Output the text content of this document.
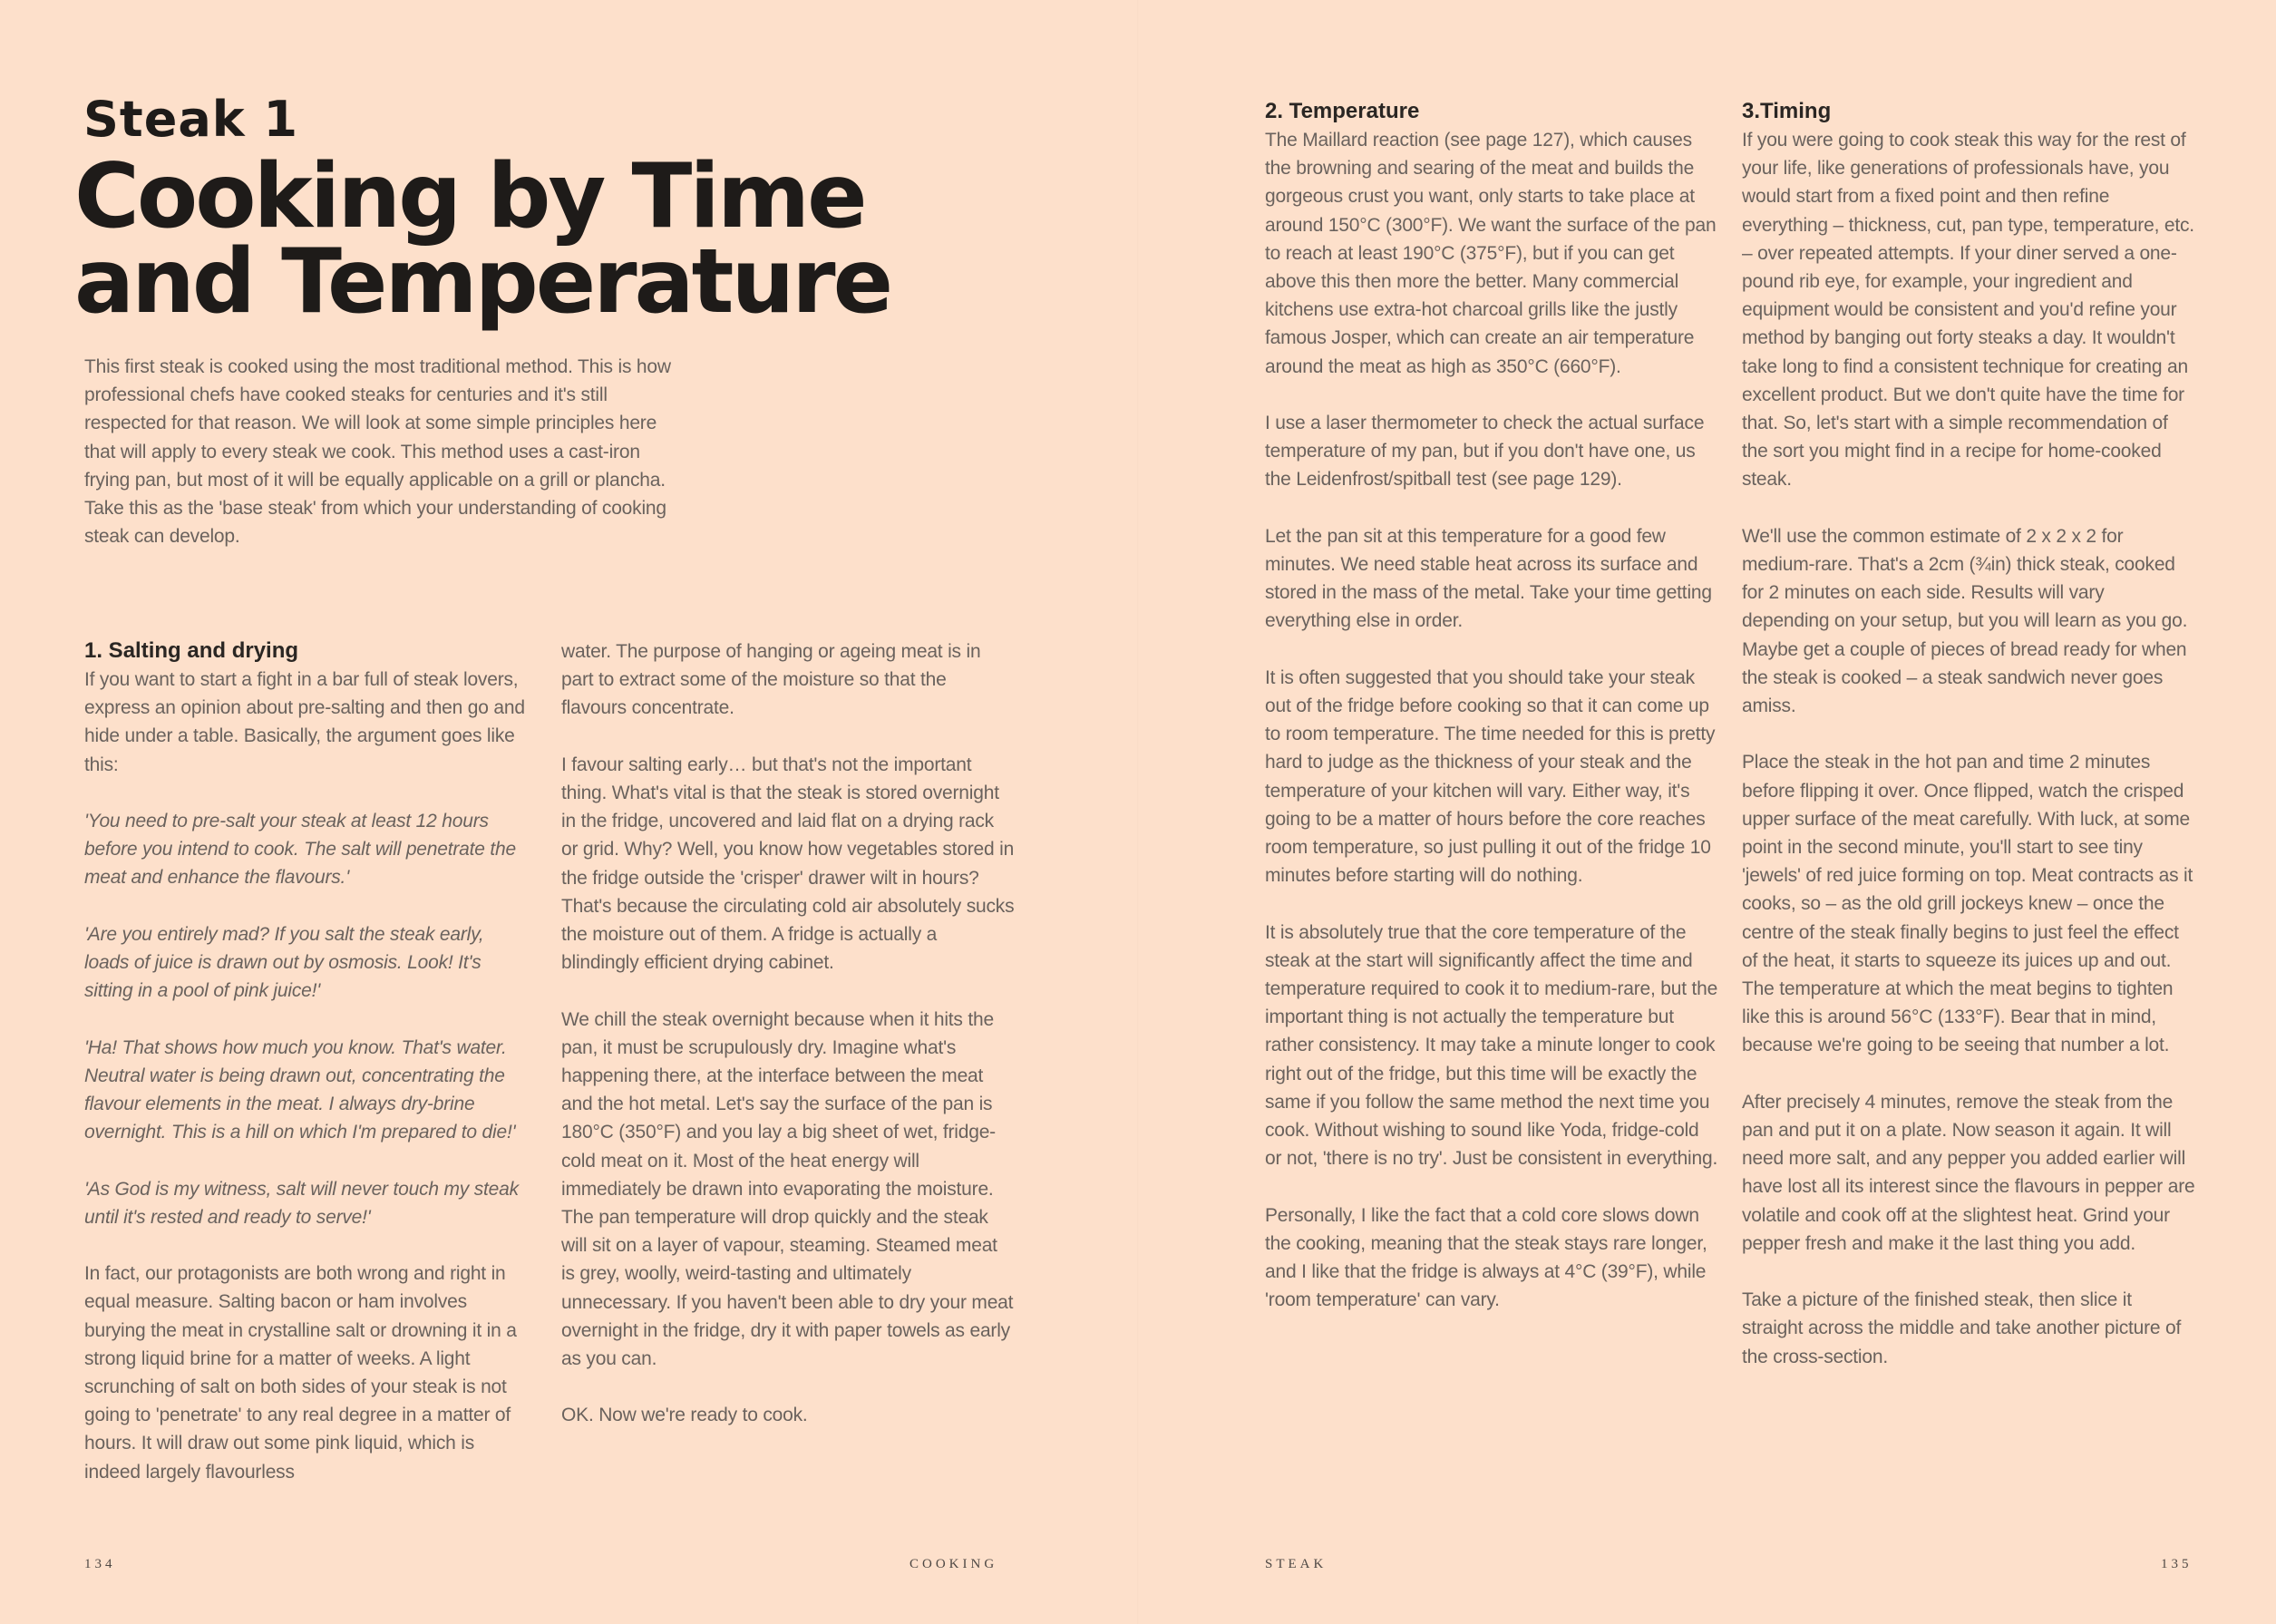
Steak 1
Cooking by Time
and Temperature

This first steak is cooked using the most traditional method. This is how professional chefs have cooked steaks for centuries and it's still respected for that reason. We will look at some simple principles here that will apply to every steak we cook. This method uses a cast-iron frying pan, but most of it will be equally applicable on a grill or plancha. Take this as the 'base steak' from which your understanding of cooking steak can develop.

1. Salting and drying

If you want to start a fight in a bar full of steak lovers, express an opinion about pre-salting and then go and hide under a table. Basically, the argument goes like this:

'You need to pre-salt your steak at least 12 hours before you intend to cook. The salt will penetrate the meat and enhance the flavours.'

'Are you entirely mad? If you salt the steak early, loads of juice is drawn out by osmosis. Look! It's sitting in a pool of pink juice!'

'Ha! That shows how much you know. That's water. Neutral water is being drawn out, concentrating the flavour elements in the meat. I always dry-brine overnight. This is a hill on which I'm prepared to die!'

'As God is my witness, salt will never touch my steak until it's rested and ready to serve!'

In fact, our protagonists are both wrong and right in equal measure. Salting bacon or ham involves burying the meat in crystalline salt or drowning it in a strong liquid brine for a matter of weeks. A light scrunching of salt on both sides of your steak is not going to 'penetrate' to any real degree in a matter of hours. It will draw out some pink liquid, which is indeed largely flavourless

water. The purpose of hanging or ageing meat is in part to extract some of the moisture so that the flavours concentrate.

I favour salting early… but that's not the important thing. What's vital is that the steak is stored overnight in the fridge, uncovered and laid flat on a drying rack or grid. Why? Well, you know how vegetables stored in the fridge outside the 'crisper' drawer wilt in hours? That's because the circulating cold air absolutely sucks the moisture out of them. A fridge is actually a blindingly efficient drying cabinet.

We chill the steak overnight because when it hits the pan, it must be scrupulously dry. Imagine what's happening there, at the interface between the meat and the hot metal. Let's say the surface of the pan is 180°C (350°F) and you lay a big sheet of wet, fridge-cold meat on it. Most of the heat energy will immediately be drawn into evaporating the moisture. The pan temperature will drop quickly and the steak will sit on a layer of vapour, steaming. Steamed meat is grey, woolly, weird-tasting and ultimately unnecessary. If you haven't been able to dry your meat overnight in the fridge, dry it with paper towels as early as you can.

OK. Now we're ready to cook.

2. Temperature

The Maillard reaction (see page 127), which causes the browning and searing of the meat and builds the gorgeous crust you want, only starts to take place at around 150°C (300°F). We want the surface of the pan to reach at least 190°C (375°F), but if you can get above this then more the better. Many commercial kitchens use extra-hot charcoal grills like the justly famous Josper, which can create an air temperature around the meat as high as 350°C (660°F).

I use a laser thermometer to check the actual surface temperature of my pan, but if you don't have one, us the Leidenfrost/spitball test (see page 129).

Let the pan sit at this temperature for a good few minutes. We need stable heat across its surface and stored in the mass of the metal. Take your time getting everything else in order.

It is often suggested that you should take your steak out of the fridge before cooking so that it can come up to room temperature. The time needed for this is pretty hard to judge as the thickness of your steak and the temperature of your kitchen will vary. Either way, it's going to be a matter of hours before the core reaches room temperature, so just pulling it out of the fridge 10 minutes before starting will do nothing.

It is absolutely true that the core temperature of the steak at the start will significantly affect the time and temperature required to cook it to medium-rare, but the important thing is not actually the temperature but rather consistency. It may take a minute longer to cook right out of the fridge, but this time will be exactly the same if you follow the same method the next time you cook. Without wishing to sound like Yoda, fridge-cold or not, 'there is no try'. Just be consistent in everything.

Personally, I like the fact that a cold core slows down the cooking, meaning that the steak stays rare longer, and I like that the fridge is always at 4°C (39°F), while 'room temperature' can vary.

3.Timing

If you were going to cook steak this way for the rest of your life, like generations of professionals have, you would start from a fixed point and then refine everything – thickness, cut, pan type, temperature, etc. – over repeated attempts. If your diner served a one-pound rib eye, for example, your ingredient and equipment would be consistent and you'd refine your method by banging out forty steaks a day. It wouldn't take long to find a consistent technique for creating an excellent product. But we don't quite have the time for that. So, let's start with a simple recommendation of the sort you might find in a recipe for home-cooked steak.

We'll use the common estimate of 2 x 2 x 2 for medium-rare. That's a 2cm (¾in) thick steak, cooked for 2 minutes on each side. Results will vary depending on your setup, but you will learn as you go. Maybe get a couple of pieces of bread ready for when the steak is cooked – a steak sandwich never goes amiss.

Place the steak in the hot pan and time 2 minutes before flipping it over. Once flipped, watch the crisped upper surface of the meat carefully. With luck, at some point in the second minute, you'll start to see tiny 'jewels' of red juice forming on top. Meat contracts as it cooks, so – as the old grill jockeys knew – once the centre of the steak finally begins to just feel the effect of the heat, it starts to squeeze its juices up and out. The temperature at which the meat begins to tighten like this is around 56°C (133°F). Bear that in mind, because we're going to be seeing that number a lot.

After precisely 4 minutes, remove the steak from the pan and put it on a plate. Now season it again. It will need more salt, and any pepper you added earlier will have lost all its interest since the flavours in pepper are volatile and cook off at the slightest heat. Grind your pepper fresh and make it the last thing you add.

Take a picture of the finished steak, then slice it straight across the middle and take another picture of the cross-section.

134	COOKING	STEAK	135
